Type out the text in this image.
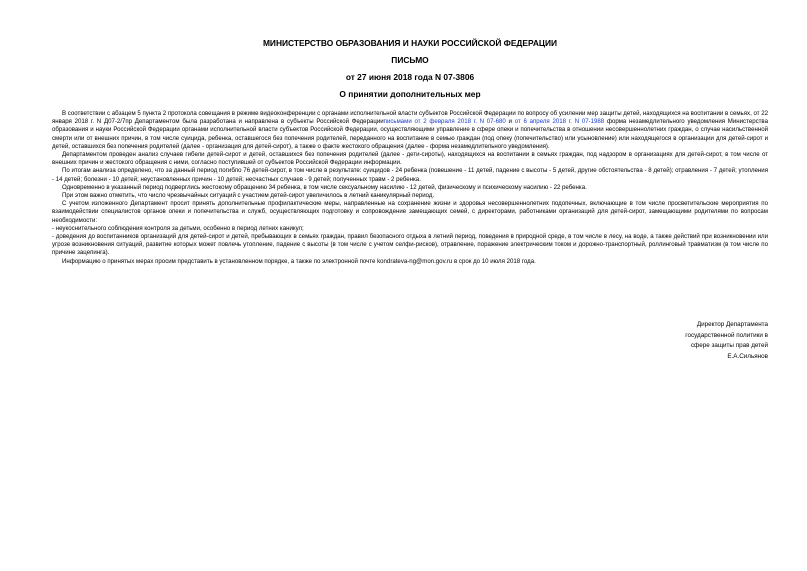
МИНИСТЕРСТВО ОБРАЗОВАНИЯ И НАУКИ РОССИЙСКОЙ ФЕДЕРАЦИИ
ПИСЬМО
от 27 июня 2018 года N 07-3806
О принятии дополнительных мер

В соответствии с абзацем 5 пункта 2 протокола совещания в режиме видеоконференции с органами исполнительной власти субъектов Российской Федерации по вопросу об усилении мер защиты детей, находящихся на воспитании в семьях, от 22 января 2018 г. N Д07-2/7пр Департаментом была разработана и направлена в субъекты Российской Федерацииписьмами от 2 февраля 2018 г. N 07-680 и от 6 апреля 2018 г. N 07-1988 форма незамедлительного уведомления Министерства образования и науки Российской Федерации органами исполнительной власти субъектов Российской Федерации, осуществляющими управление в сфере опеки и попечительства в отношении несовершеннолетних граждан, о случае насильственной смерти или от внешних причин, в том числе суицида, ребенка, оставшегося без попечения родителей, переданного на воспитание в семью граждан (под опеку (попечительство) или усыновление) или находящегося в организации для детей-сирот и детей, оставшихся без попечения родителей (далее - организация для детей-сирот), а также о факте жестокого обращения (далее - форма незамедлительного уведомления).

Департаментом проведен анализ случаев гибели детей-сирот и детей, оставшихся без попечения родителей (далее - дети-сироты), находящихся на воспитании в семьях граждан, под надзором в организациях для детей-сирот, в том числе от внешних причин и жестокого обращения с ними, согласно поступившей от субъектов Российской Федерации информации.

По итогам анализа определено, что за данный период погибло 76 детей-сирот, в том числе в результате: суицидов - 24 ребенка (повешение - 11 детей, падение с высоты - 5 детей, другие обстоятельства - 8 детей); отравления - 7 детей; утопления - 14 детей; болезни - 10 детей; неустановленных причин - 10 детей; несчастных случаев - 9 детей; полученных травм - 2 ребенка.

Одновременно в указанный период подверглись жестокому обращению 34 ребенка, в том числе сексуальному насилию - 12 детей, физическому и психическому насилию - 22 ребенка.

При этом важно отметить, что число чрезвычайных ситуаций с участием детей-сирот увеличилось в летний каникулярный период.

С учетом изложенного Департамент просит принять дополнительные профилактические меры, направленные на сохранение жизни и здоровья несовершеннолетних подопечных, включающие в том числе просветительские мероприятия по взаимодействии специалистов органов опеки и попечительства и служб, осуществляющих подготовку и сопровождение замещающих семей, с директорами, работниками организаций для детей-сирот, замещающими родителями по вопросам необходимости:

- неукоснительного соблюдения контроля за детьми, особенно в период летних каникул;

- доведения до воспитанников организаций для детей-сирот и детей, пребывающих в семьях граждан, правил безопасного отдыха в летний период, поведения в природной среде, в том числе в лесу, на воде, а также действий при возникновении или угрозе возникновения ситуаций, развитие которых может повлечь утопление, падение с высоты (в том числе с учетом селфи-рисков), отравление, поражение электрическим током и дорожно-транспортный, роллинговый травматизм (в том числе по причине зацепинга).

Информацию о принятых мерах просим представить в установленном порядке, а также по электронной почте kondrateva-ng@mon.gov.ru в срок до 10 июля 2018 года.

Директор Департамента
государственной политики в
сфере защиты прав детей
Е.А.Сильянов
